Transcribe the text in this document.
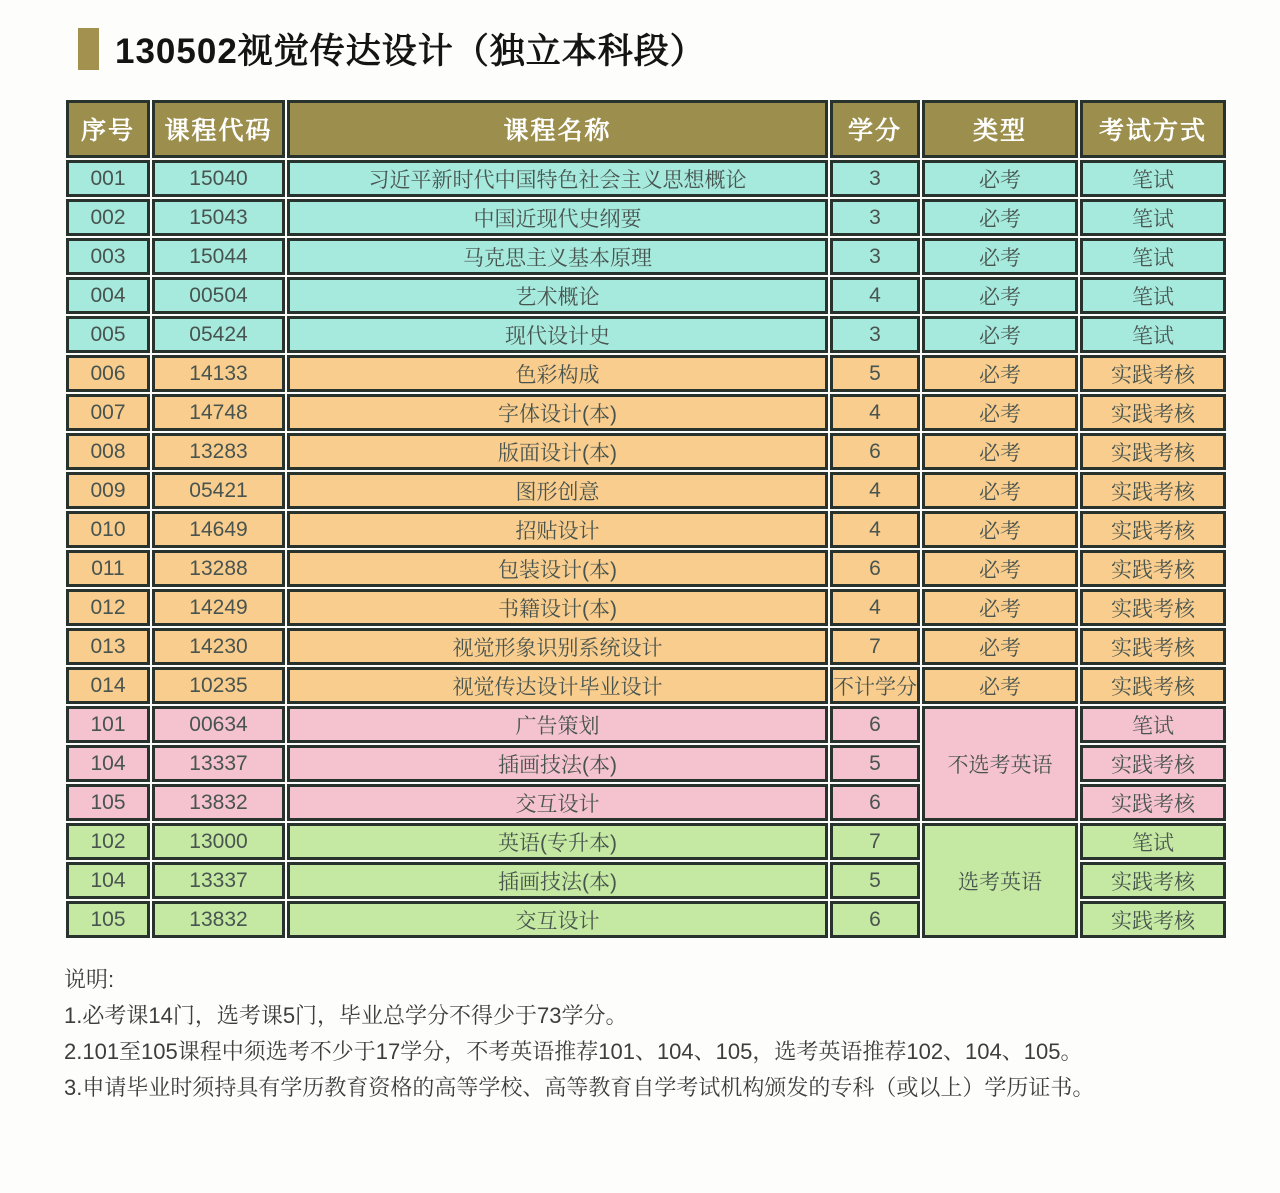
130502视觉传达设计（独立本科段）
序号	课程代码	课程名称	学分	类型	考试方式
001	15040	习近平新时代中国特色社会主义思想概论	3	必考	笔试
002	15043	中国近现代史纲要	3	必考	笔试
003	15044	马克思主义基本原理	3	必考	笔试
004	00504	艺术概论	4	必考	笔试
005	05424	现代设计史	3	必考	笔试
006	14133	色彩构成	5	必考	实践考核
007	14748	字体设计(本)	4	必考	实践考核
008	13283	版面设计(本)	6	必考	实践考核
009	05421	图形创意	4	必考	实践考核
010	14649	招贴设计	4	必考	实践考核
011	13288	包装设计(本)	6	必考	实践考核
012	14249	书籍设计(本)	4	必考	实践考核
013	14230	视觉形象识别系统设计	7	必考	实践考核
014	10235	视觉传达设计毕业设计	不计学分	必考	实践考核
101	00634	广告策划	6	不选考英语	笔试
104	13337	插画技法(本)	5		实践考核
105	13832	交互设计	6		实践考核
102	13000	英语(专升本)	7	选考英语	笔试
104	13337	插画技法(本)	5		实践考核
105	13832	交互设计	6		实践考核
说明:
1.必考课14门，选考课5门，毕业总学分不得少于73学分。
2.101至105课程中须选考不少于17学分，不考英语推荐101、104、105，选考英语推荐102、104、105。
3.申请毕业时须持具有学历教育资格的高等学校、高等教育自学考试机构颁发的专科（或以上）学历证书。
